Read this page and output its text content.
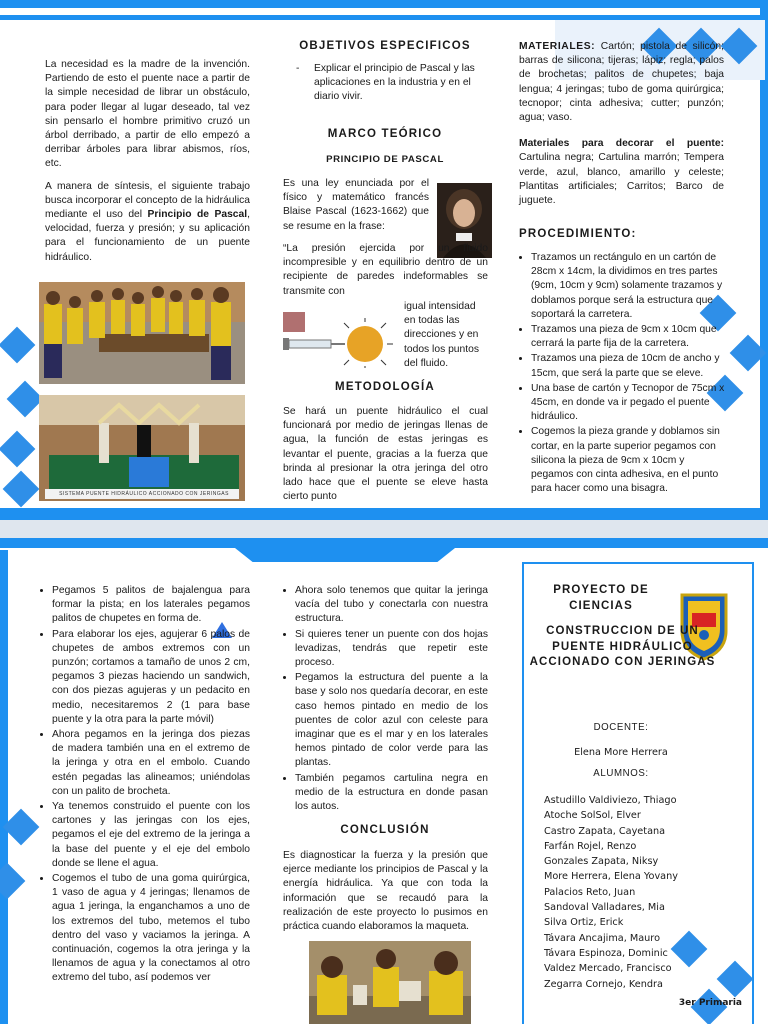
La necesidad es la madre de la invención. Partiendo de esto el puente nace a partir de la simple necesidad de librar un obstáculo, para poder llegar al lugar deseado, tal vez sin pensarlo el hombre primitivo cruzó un árbol derribado, a partir de ello empezó a derribar árboles para librar abismos, ríos, etc.

A manera de síntesis, el siguiente trabajo busca incorporar el concepto de la hidráulica mediante el uso del Principio de Pascal, velocidad, fuerza y presión; y su aplicación para el funcionamiento de un puente hidráulico.

SISTEMA PUENTE HIDRÁULICO ACCIONADO CON JERINGAS
OBJETIVOS ESPECIFICOS
- Explicar el principio de Pascal y las aplicaciones en la industria y en el diario vivir.
MARCO TEÓRICO
PRINCIPIO DE PASCAL
Es una ley enunciada por el físico y matemático francés Blaise Pascal (1623-1662) que se resume en la frase:
“La presión ejercida por un fluido incompresible y en equilibrio dentro de un recipiente de paredes indeformables se transmite con
igual intensidad en todas las direcciones y en todos los puntos del fluido.
METODOLOGÍA
Se hará un puente hidráulico el cual funcionará por medio de jeringas llenas de agua, la función de estas jeringas es levantar el puente, gracias a la fuerza que brinda al presionar la otra jeringa del otro lado hace que el puente se eleve hasta cierto punto

MATERIALES: Cartón; pistola de silicón; barras de silicona; tijeras; lápiz; regla; palos de brochetas; palitos de chupetes; baja lengua; 4 jeringas; tubo de goma quirúrgica; tecnopor; cinta adhesiva; cutter; punzón; agua; vaso.

Materiales para decorar el puente: Cartulina negra; Cartulina marrón; Tempera verde, azul, blanco, amarillo y celeste; Plantitas artificiales; Carritos; Barco de juguete.

PROCEDIMIENTO:
• Trazamos un rectángulo en un cartón de 28cm x 14cm, la dividimos en tres partes (9cm, 10cm y 9cm) solamente trazamos y doblamos porque será la estructura que soportará la carretera.
• Trazamos una pieza de 9cm x 10cm que cerrará la parte fija de la carretera.
• Trazamos una pieza de 10cm de ancho y 15cm, que será la parte que se eleve.
• Una base de cartón y Tecnopor de 75cm x 45cm, en donde va ir pegado el puente hidráulico.
• Cogemos la pieza grande y doblamos sin cortar, en la parte superior pegamos con silicona la pieza de 9cm x 10cm y pegamos con cinta adhesiva, en el punto para hacer como una bisagra.
• Pegamos 5 palitos de bajalengua para formar la pista; en los laterales pegamos palitos de chupetes en forma de.
• Para elaborar los ejes, agujerar 6 palos de chupetes de ambos extremos con un punzón; cortamos a tamaño de unos 2 cm, pegamos 3 piezas haciendo un sandwich, con dos piezas agujeras y un pedacito en medio, necesitaremos 2 (1 para base puente y la otra para la parte móvil)
• Ahora pegamos en la jeringa dos piezas de madera también una en el extremo de la jeringa y otra en el embolo. Cuando estén pegadas las alineamos; uniéndolas con un palito de brocheta.
• Ya tenemos construido el puente con los cartones y las jeringas con los ejes, pegamos el eje del extremo de la jeringa a la base del puente y el eje del embolo donde se llene el agua.
• Cogemos el tubo de una goma quirúrgica, 1 vaso de agua y 4 jeringas; llenamos de agua 1 jeringa, la enganchamos a uno de los extremos del tubo, metemos el tubo dentro del vaso y vaciamos la jeringa. A continuación, cogemos la otra jeringa y la llenamos de agua y la conectamos al otro extremo del tubo, así podemos ver
• Ahora solo tenemos que quitar la jeringa vacía del tubo y conectarla con nuestra estructura.
• Si quieres tener un puente con dos hojas levadizas, tendrás que repetir este proceso.
• Pegamos la estructura del puente a la base y solo nos quedaría decorar, en este caso hemos pintado en medio de los puentes de color azul con celeste para imaginar que es el mar y en los laterales hemos pintado de color verde para las plantas.
• También pegamos cartulina negra en medio de la estructura en donde pasan los autos.
CONCLUSIÓN
Es diagnosticar la fuerza y la presión que ejerce mediante los principios de Pascal y la energía hidráulica. Ya que con toda la información que se recaudó para la realización de este proyecto lo pusimos en práctica cuando elaboramos la maqueta.
PROYECTO DE CIENCIAS
CONSTRUCCION DE UN PUENTE HIDRÁULICO ACCIONADO CON JERINGAS
DOCENTE:
Elena More Herrera
ALUMNOS:
Astudillo Valdiviezo, Thiago
Atoche SolSol, Elver
Castro Zapata, Cayetana
Farfán Rojel, Renzo
Gonzales Zapata, Niksy
More Herrera, Elena Yovany
Palacios Reto, Juan
Sandoval Valladares, Mia
Silva Ortiz, Erick
Távara Ancajima, Mauro
Távara Espinoza, Dominic
Valdez Mercado, Francisco
Zegarra Cornejo, Kendra
3er Primaria
